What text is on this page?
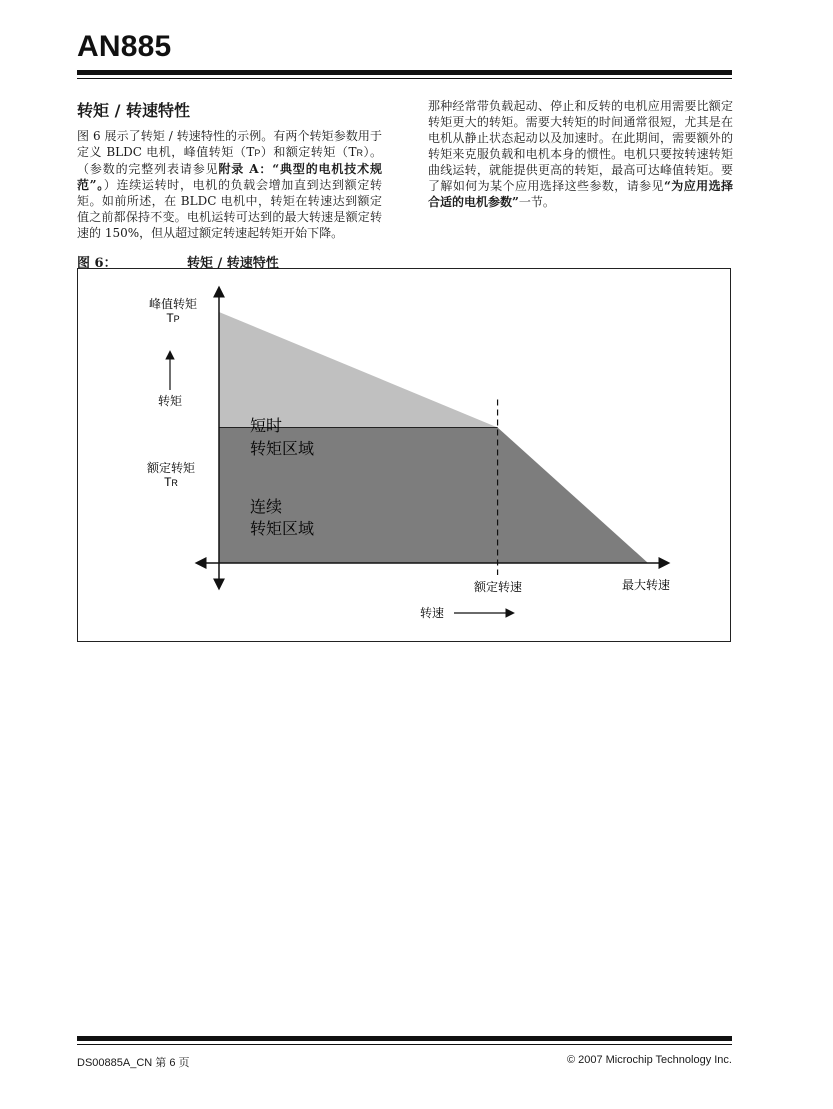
AN885
转矩 / 转速特性
图 6 展示了转矩 / 转速特性的示例。有两个转矩参数用于定义 BLDC 电机，峰值转矩（TP）和额定转矩（TR）。（参数的完整列表请参见附录 A：“典型的电机技术规范”。）连续运转时，电机的负载会增加直到达到额定转矩。如前所述，在 BLDC 电机中，转矩在转速达到额定值之前都保持不变。电机运转可达到的最大转速是额定转速的 150%，但从超过额定转速起转矩开始下降。
那种经常带负载起动、停止和反转的电机应用需要比额定转矩更大的转矩。需要大转矩的时间通常很短，尤其是在电机从静止状态起动以及加速时。在此期间，需要额外的转矩来克服负载和电机本身的惯性。电机只要按转速转矩曲线运转，就能提供更高的转矩，最高可达峰值转矩。要了解如何为某个应用选择这些参数，请参见“为应用选择合适的电机参数”一节。
图 6：	转矩 / 转速特性
转矩
峰值转矩
TP
额定转矩
TR
短时
转矩区域
连续
转矩区域
额定转速	最大转速
转速
DS00885A_CN 第 6 页	© 2007 Microchip Technology Inc.
